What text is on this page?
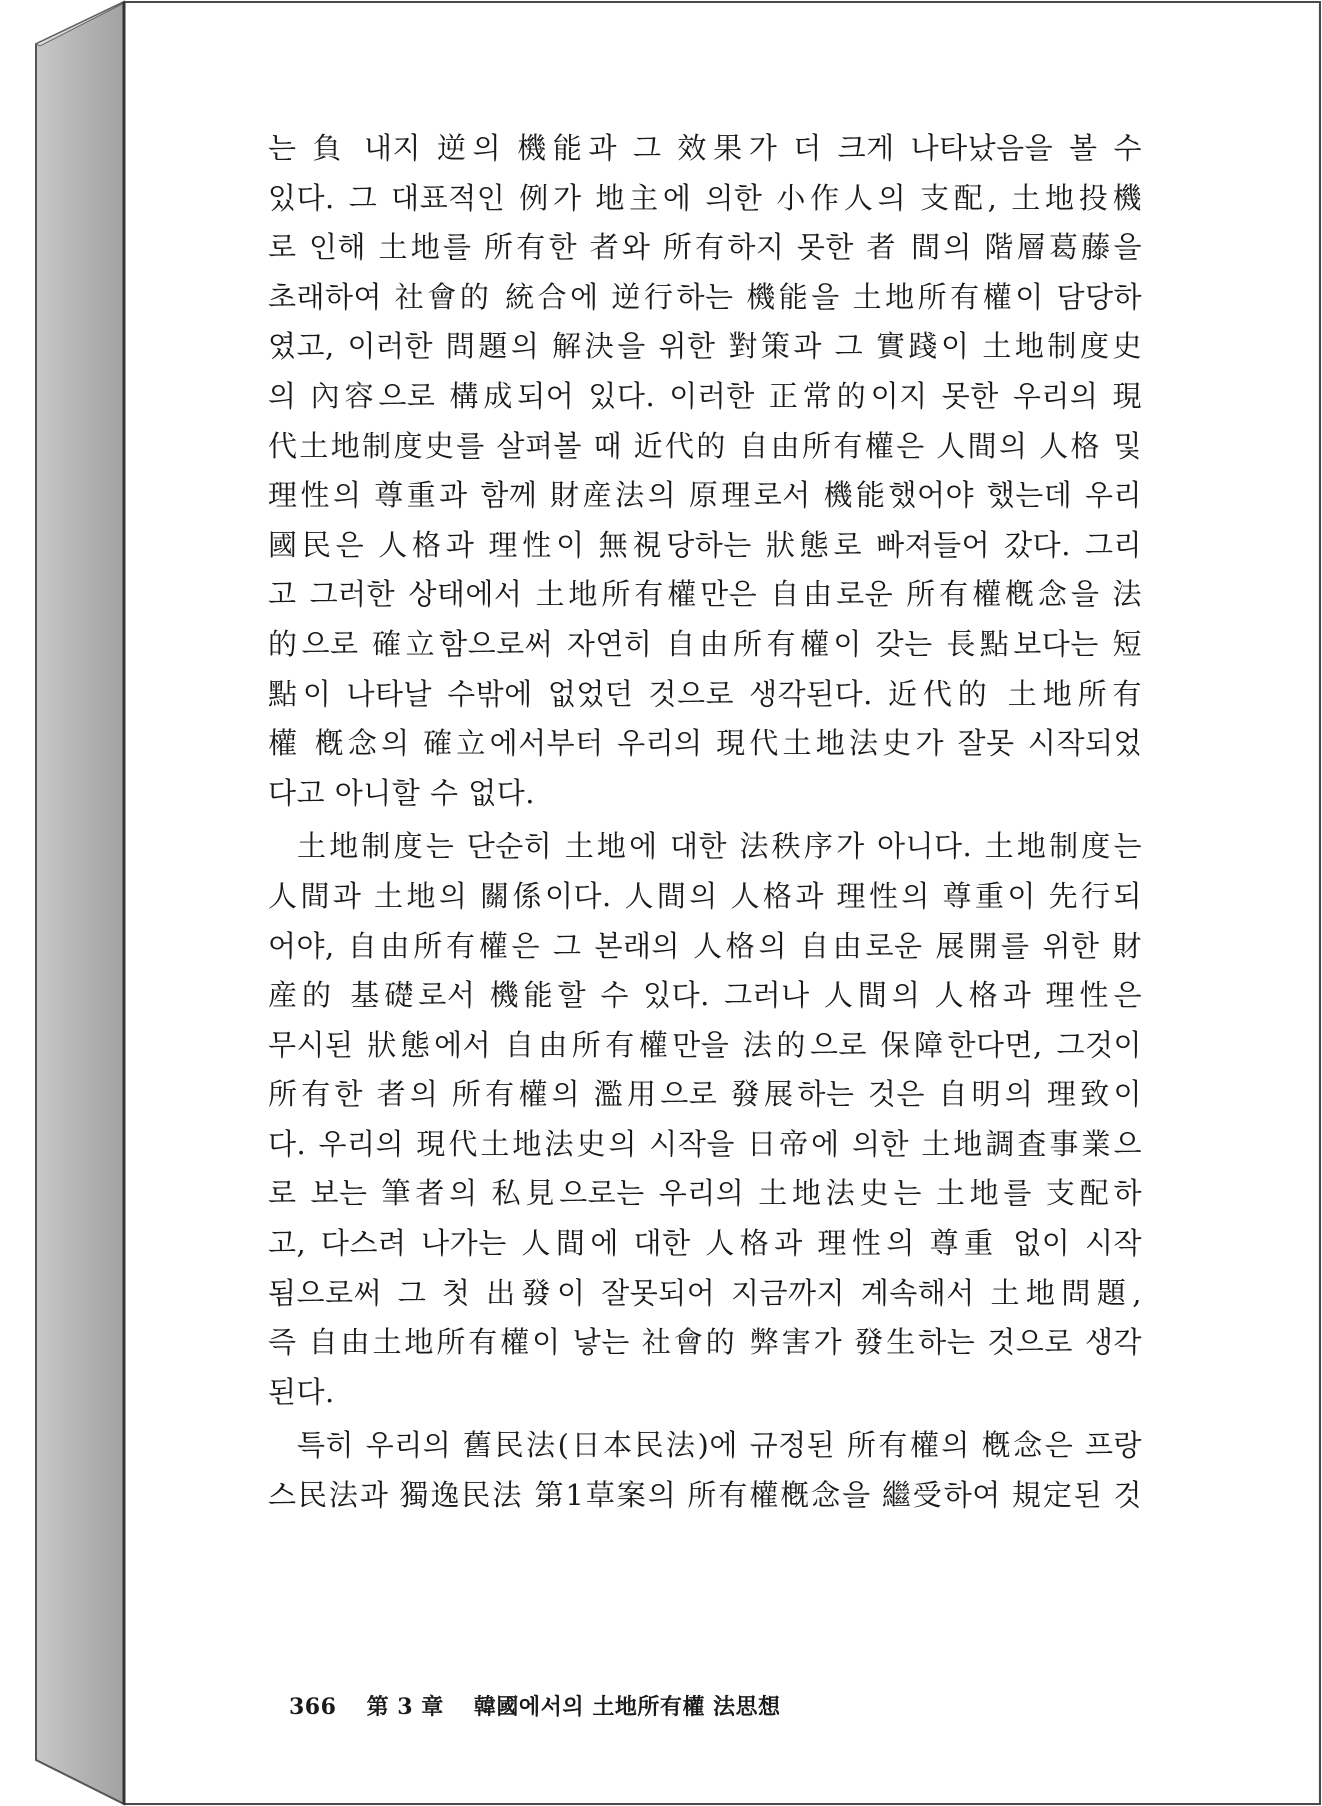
는 負 내지 逆의 機能과 그 效果가 더 크게 나타났음을 볼 수
있다. 그 대표적인 例가 地主에 의한 小作人의 支配, 土地投機
로 인해 土地를 所有한 者와 所有하지 못한 者 間의 階層葛藤을
초래하여 社會的 統合에 逆行하는 機能을 土地所有權이 담당하
였고, 이러한 問題의 解決을 위한 對策과 그 實踐이 土地制度史
의 內容으로 構成되어 있다. 이러한 正常的이지 못한 우리의 現
代土地制度史를 살펴볼 때 近代的 自由所有權은 人間의 人格 및
理性의 尊重과 함께 財産法의 原理로서 機能했어야 했는데 우리
國民은 人格과 理性이 無視당하는 狀態로 빠져들어 갔다. 그리
고 그러한 상태에서 土地所有權만은 自由로운 所有權槪念을 法
的으로 確立함으로써 자연히 自由所有權이 갖는 長點보다는 短
點이 나타날 수밖에 없었던 것으로 생각된다. 近代的 土地所有
權 槪念의 確立에서부터 우리의 現代土地法史가 잘못 시작되었
다고 아니할 수 없다.
土地制度는 단순히 土地에 대한 法秩序가 아니다. 土地制度는
人間과 土地의 關係이다. 人間의 人格과 理性의 尊重이 先行되
어야, 自由所有權은 그 본래의 人格의 自由로운 展開를 위한 財
産的 基礎로서 機能할 수 있다. 그러나 人間의 人格과 理性은
무시된 狀態에서 自由所有權만을 法的으로 保障한다면, 그것이
所有한 者의 所有權의 濫用으로 發展하는 것은 自明의 理致이
다. 우리의 現代土地法史의 시작을 日帝에 의한 土地調査事業으
로 보는 筆者의 私見으로는 우리의 土地法史는 土地를 支配하
고, 다스려 나가는 人間에 대한 人格과 理性의 尊重 없이 시작
됨으로써 그 첫 出發이 잘못되어 지금까지 계속해서 土地問題,
즉 自由土地所有權이 낳는 社會的 弊害가 發生하는 것으로 생각
된다.
특히 우리의 舊民法(日本民法)에 규정된 所有權의 槪念은 프랑
스民法과 獨逸民法 第1草案의 所有權槪念을 繼受하여 規定된 것
366 第 3 章 韓國에서의 土地所有權 法思想
